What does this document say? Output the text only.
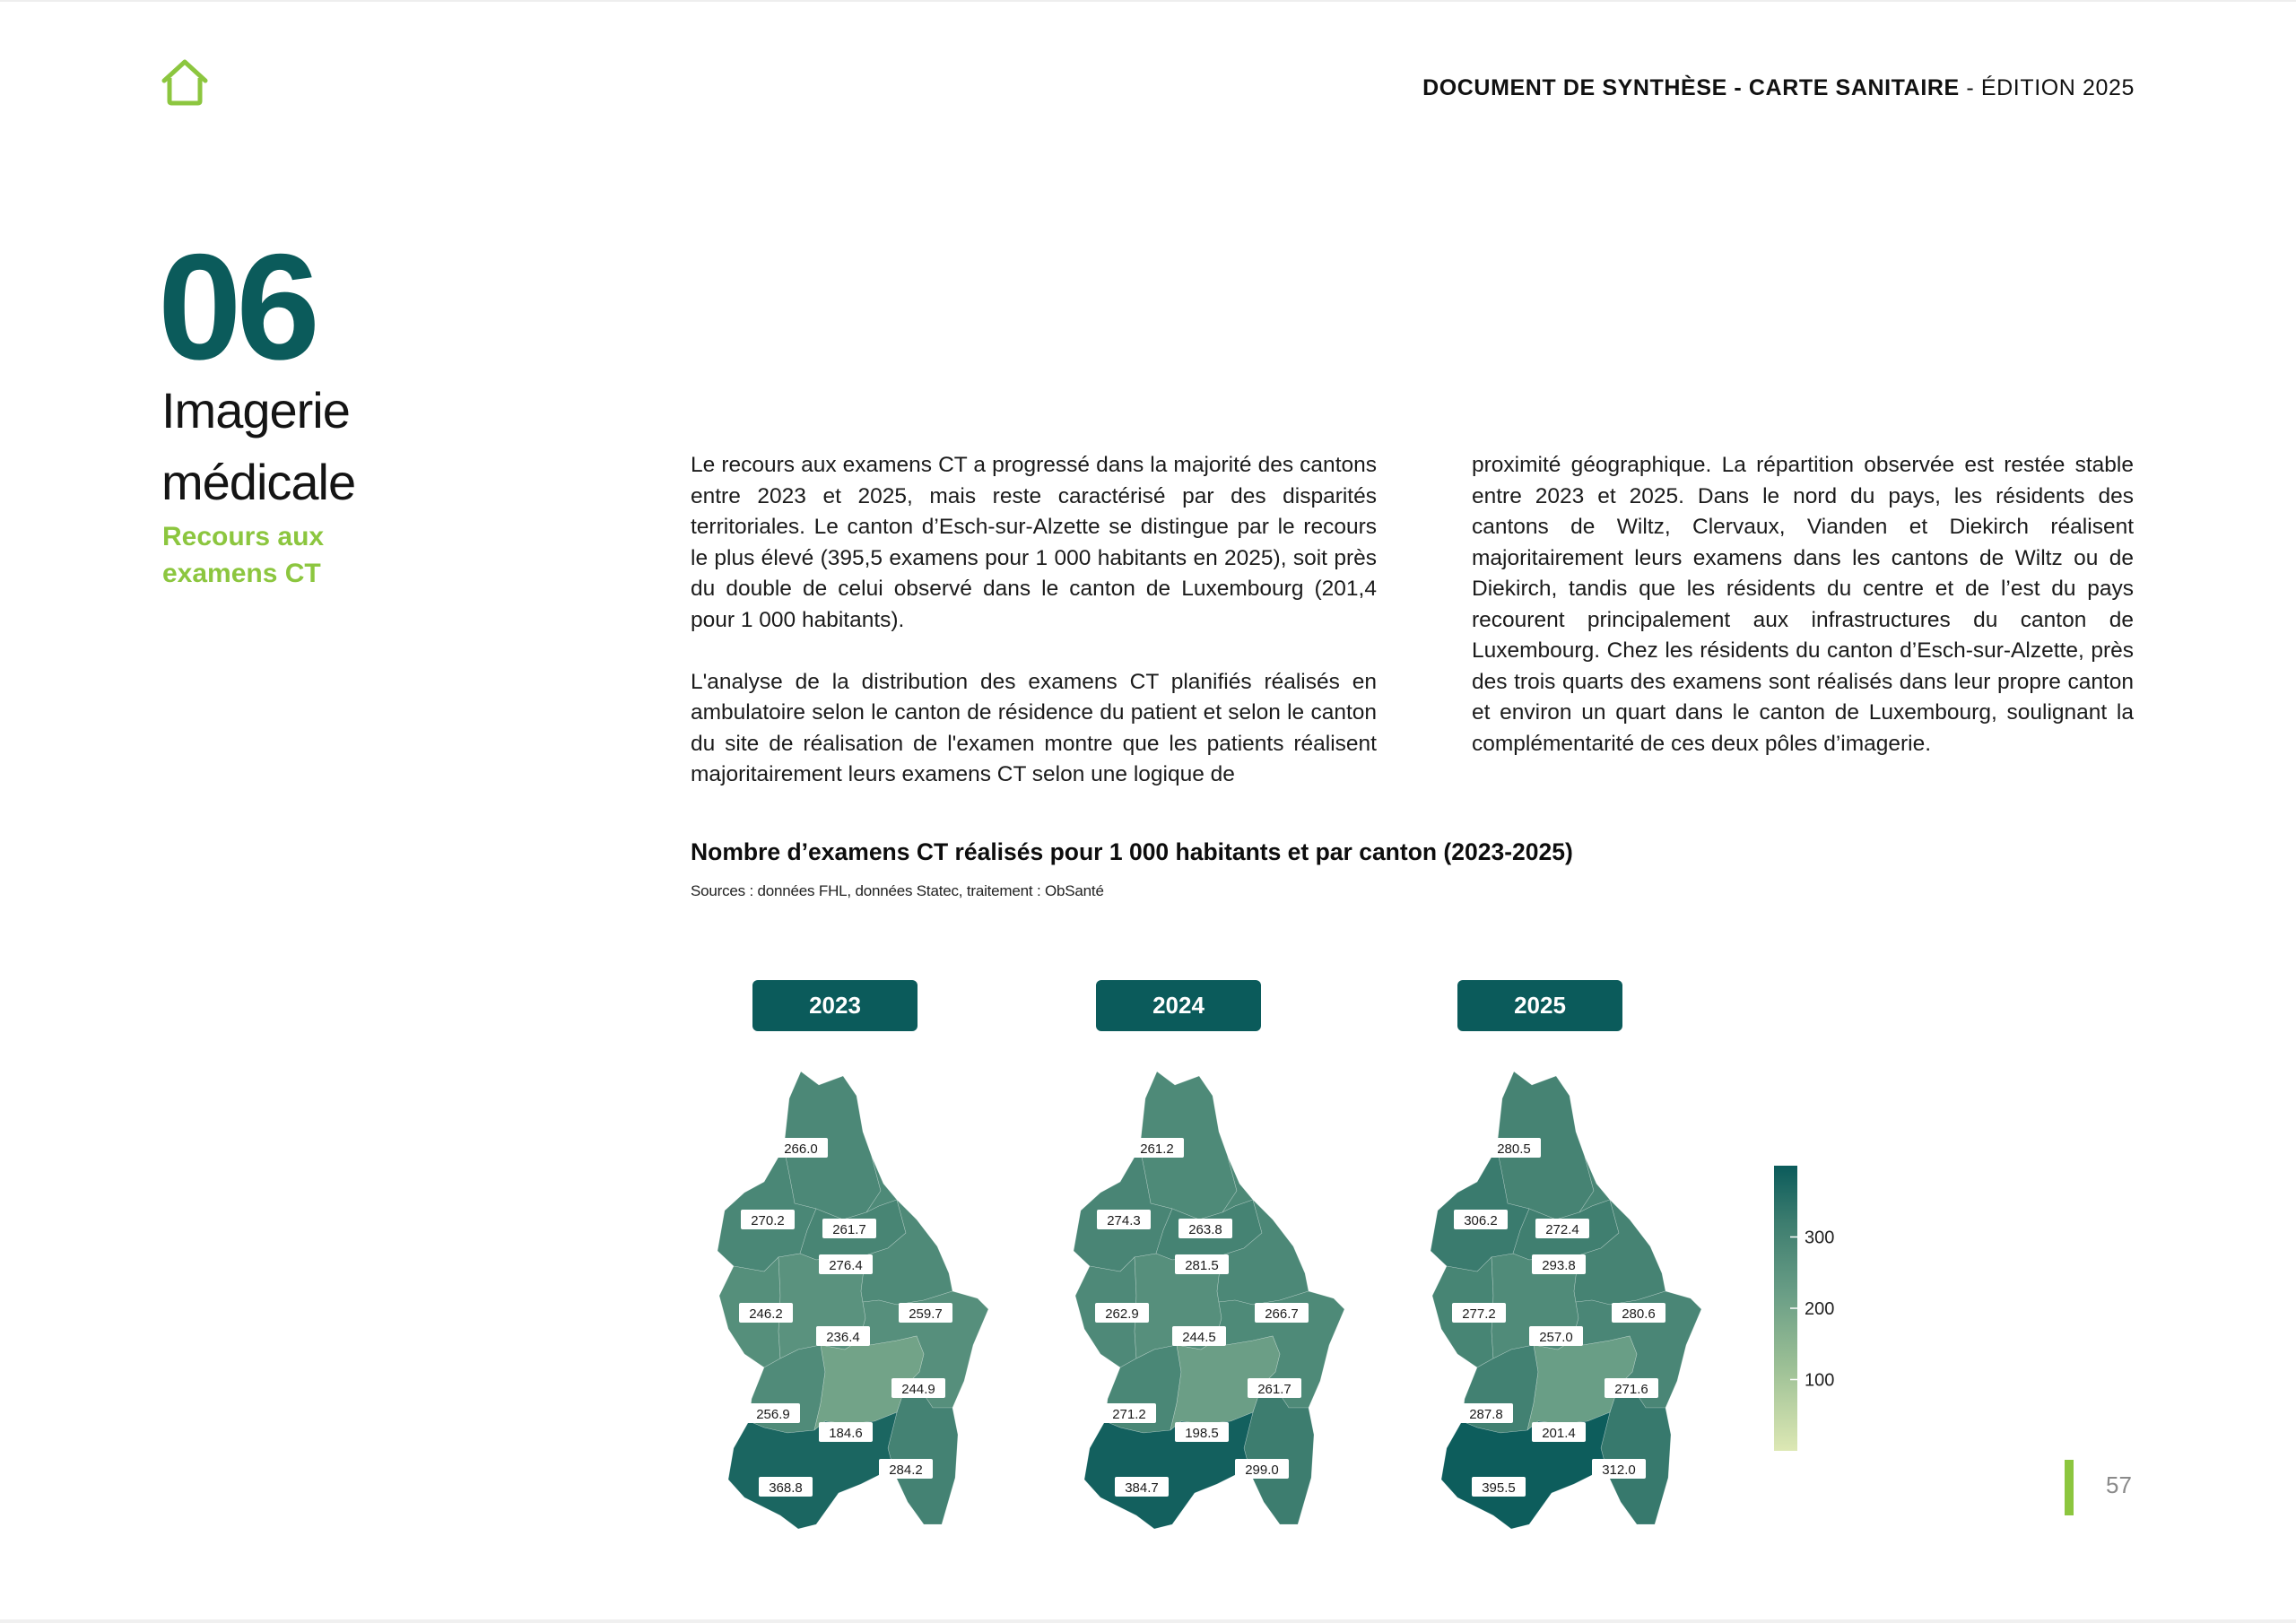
DOCUMENT DE SYNTHÈSE - CARTE SANITAIRE - ÉDITION 2025
06
Imagerie médicale
Recours aux examens CT

Le recours aux examens CT a progressé dans la majorité des cantons entre 2023 et 2025, mais reste caractérisé par des disparités territoriales. Le canton d’Esch-sur-Alzette se distingue par le recours le plus élevé (395,5 examens pour 1 000 habitants en 2025), soit près du double de celui observé dans le canton de Luxembourg (201,4 pour 1 000 habitants).

L'analyse de la distribution des examens CT planifiés réalisés en ambulatoire selon le canton de résidence du patient et selon le canton du site de réalisation de l'examen montre que les patients réalisent majoritairement leurs examens CT selon une logique de

proximité géographique. La répartition observée est restée stable entre 2023 et 2025. Dans le nord du pays, les résidents des cantons de Wiltz, Clervaux, Vianden et Diekirch réalisent majoritairement leurs examens dans les cantons de Wiltz ou de Diekirch, tandis que les résidents du centre et de l’est du pays recourent principalement aux infrastructures du canton de Luxembourg. Chez les résidents du canton d’Esch-sur-Alzette, près des trois quarts des examens sont réalisés dans leur propre canton et environ un quart dans le canton de Luxembourg, soulignant la complémentarité de ces deux pôles d’imagerie.

Nombre d’examens CT réalisés pour 1 000 habitants et par canton (2023-2025)
Sources : données FHL, données Statec, traitement : ObSanté
2023	2024	2025
266.0
270.2
261.7
276.4
246.2
236.4
259.7
244.9
256.9
184.6
284.2
368.8
261.2
274.3
263.8
281.5
262.9
244.5
266.7
261.7
271.2
198.5
299.0
384.7
280.5
306.2
272.4
293.8
277.2
257.0
280.6
271.6
287.8
201.4
312.0
395.5
300
200
100
57
